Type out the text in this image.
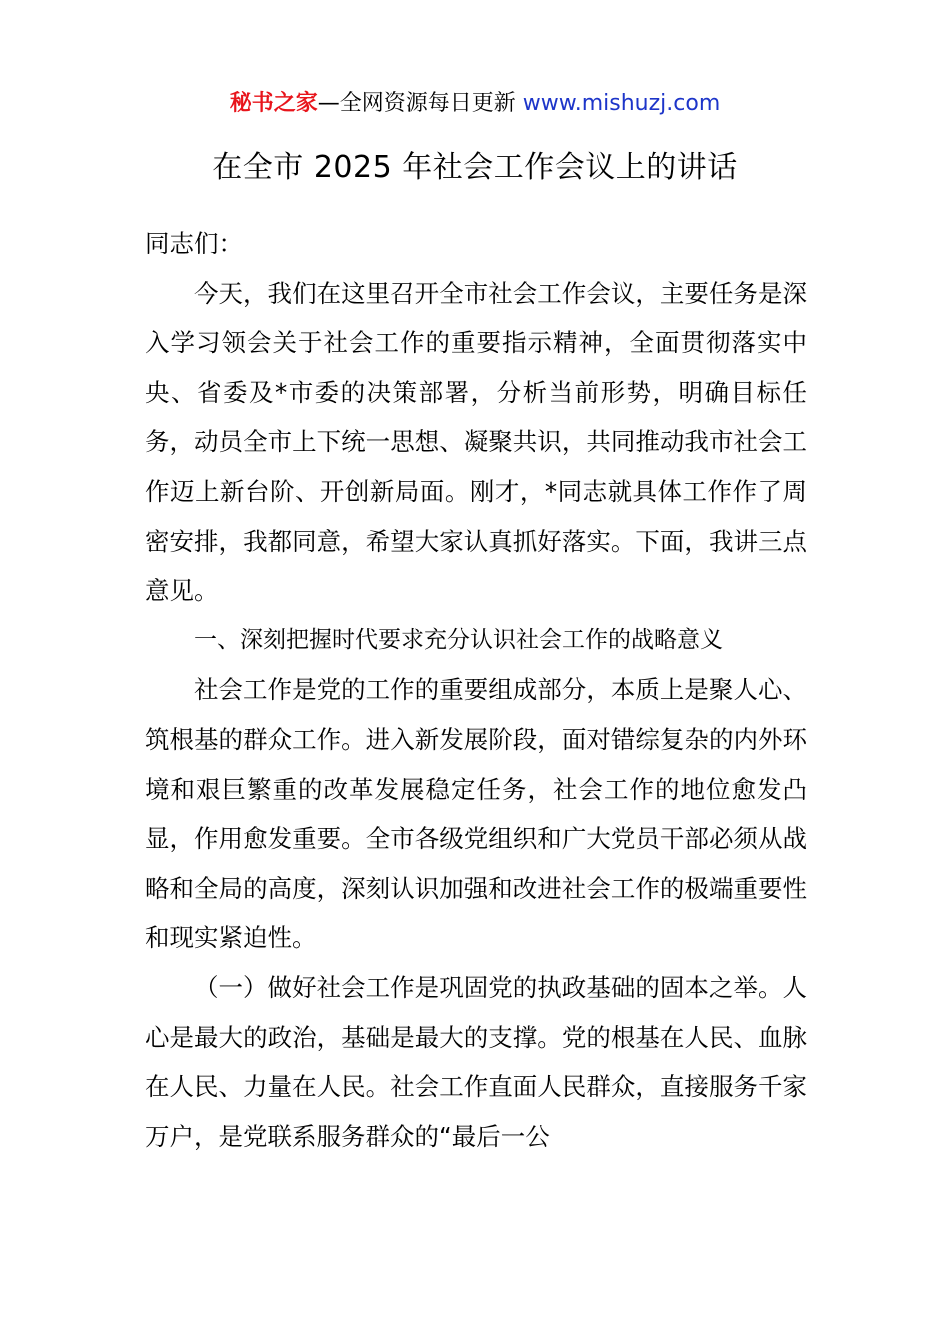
秘书之家—全网资源每日更新 www.mishuzj.com
在全市 2025 年社会工作会议上的讲话

同志们：

今天，我们在这里召开全市社会工作会议，主要任务是深入学习领会关于社会工作的重要指示精神，全面贯彻落实中央、省委及*市委的决策部署，分析当前形势，明确目标任务，动员全市上下统一思想、凝聚共识，共同推动我市社会工作迈上新台阶、开创新局面。刚才，*同志就具体工作作了周密安排，我都同意，希望大家认真抓好落实。下面，我讲三点意见。

一、深刻把握时代要求充分认识社会工作的战略意义

社会工作是党的工作的重要组成部分，本质上是聚人心、筑根基的群众工作。进入新发展阶段，面对错综复杂的内外环境和艰巨繁重的改革发展稳定任务，社会工作的地位愈发凸显，作用愈发重要。全市各级党组织和广大党员干部必须从战略和全局的高度，深刻认识加强和改进社会工作的极端重要性和现实紧迫性。

（一）做好社会工作是巩固党的执政基础的固本之举。人心是最大的政治，基础是最大的支撑。党的根基在人民、血脉在人民、力量在人民。社会工作直面人民群众，直接服务千家万户，是党联系服务群众的“最后一公
